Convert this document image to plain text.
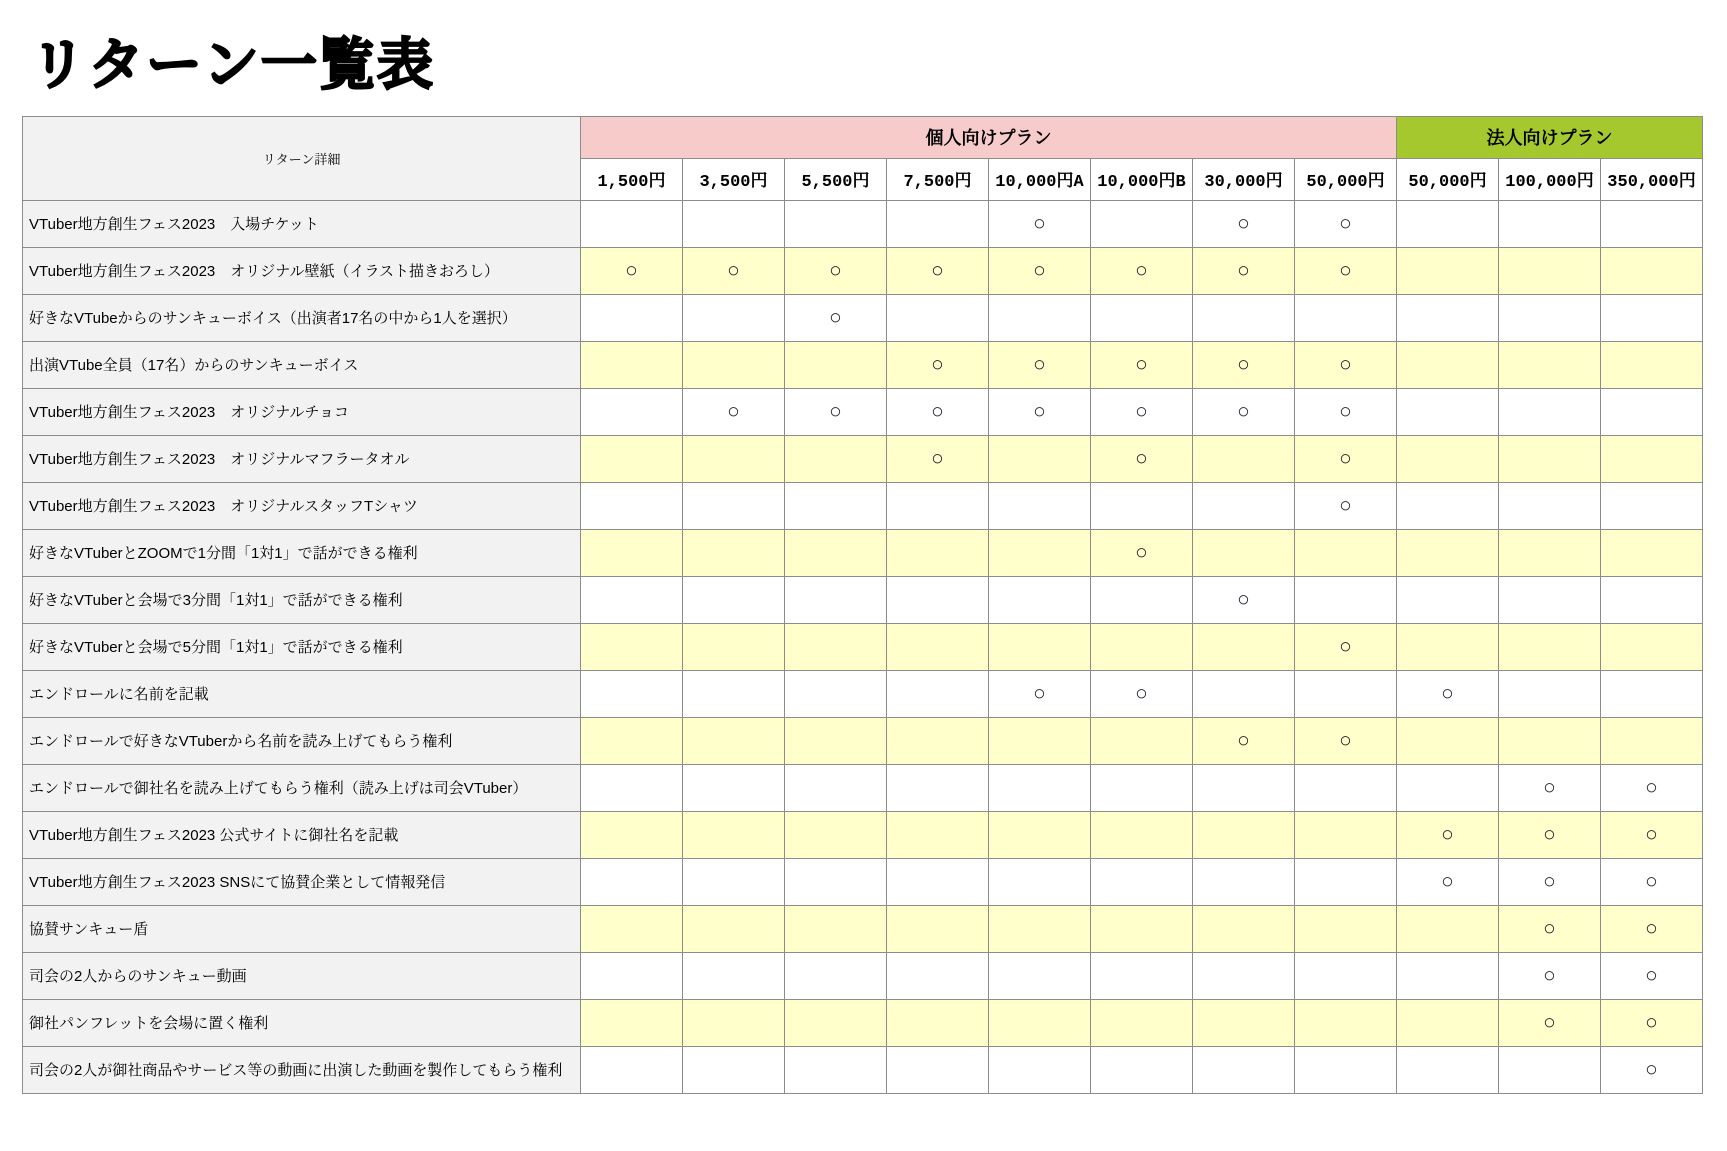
リターン一覧表
リターン詳細	個人向けプラン								法人向けプラン		
	1,500円	3,500円	5,500円	7,500円	10,000円A	10,000円B	30,000円	50,000円	50,000円	100,000円	350,000円
VTuber地方創生フェス2023　入場チケット					○		○	○			
VTuber地方創生フェス2023　オリジナル壁紙（イラスト描きおろし）	○	○	○	○	○	○	○	○			
好きなVTubeからのサンキューボイス（出演者17名の中から1人を選択）			○								
出演VTube全員（17名）からのサンキューボイス				○	○	○	○	○			
VTuber地方創生フェス2023　オリジナルチョコ		○	○	○	○	○	○	○			
VTuber地方創生フェス2023　オリジナルマフラータオル				○		○		○			
VTuber地方創生フェス2023　オリジナルスタッフTシャツ								○			
好きなVTuberとZOOMで1分間「1対1」で話ができる権利						○					
好きなVTuberと会場で3分間「1対1」で話ができる権利							○				
好きなVTuberと会場で5分間「1対1」で話ができる権利								○			
エンドロールに名前を記載					○	○			○		
エンドロールで好きなVTuberから名前を読み上げてもらう権利							○	○			
エンドロールで御社名を読み上げてもらう権利（読み上げは司会VTuber）										○	○
VTuber地方創生フェス2023 公式サイトに御社名を記載									○	○	○
VTuber地方創生フェス2023 SNSにて協賛企業として情報発信									○	○	○
協賛サンキュー盾										○	○
司会の2人からのサンキュー動画										○	○
御社パンフレットを会場に置く権利										○	○
司会の2人が御社商品やサービス等の動画に出演した動画を製作してもらう権利											○
